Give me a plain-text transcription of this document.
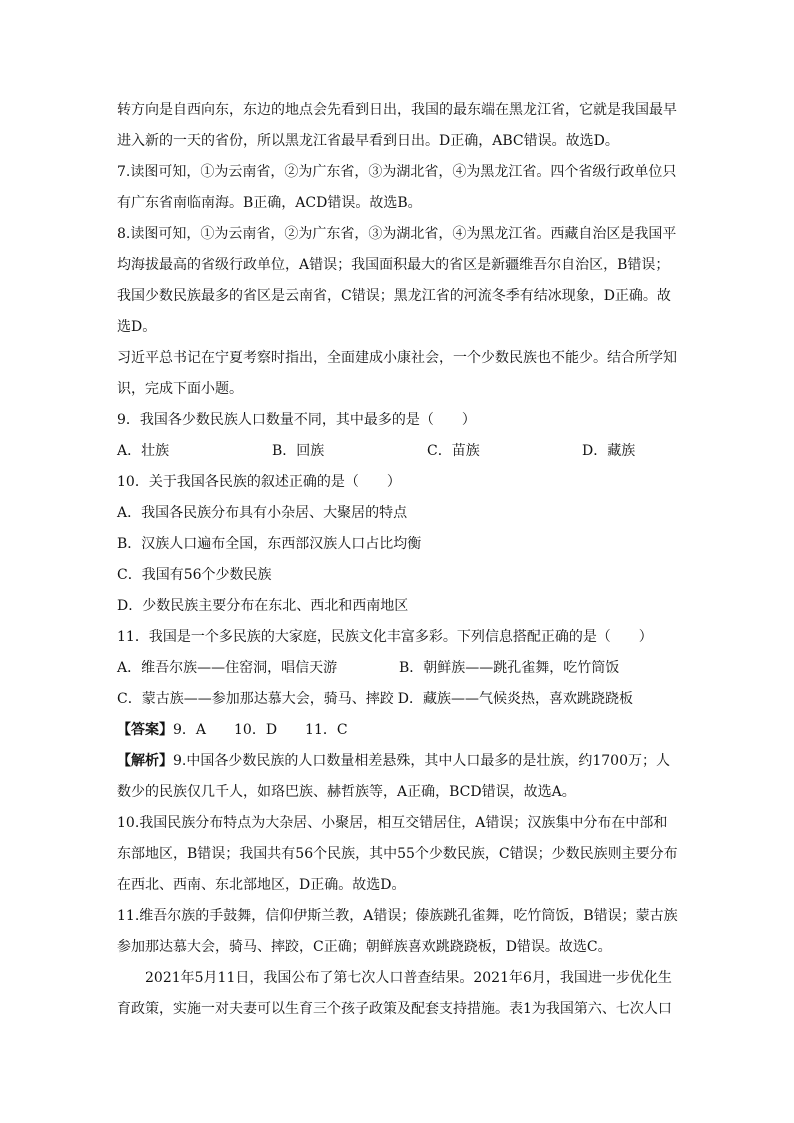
转方向是自西向东，东边的地点会先看到日出，我国的最东端在黑龙江省，它就是我国最早进入新的一天的省份，所以黑龙江省最早看到日出。D正确，ABC错误。故选D。

7.读图可知，①为云南省，②为广东省，③为湖北省，④为黑龙江省。四个省级行政单位只有广东省南临南海。B正确，ACD错误。故选B。

8.读图可知，①为云南省，②为广东省，③为湖北省，④为黑龙江省。西藏自治区是我国平均海拔最高的省级行政单位，A错误；我国面积最大的省区是新疆维吾尔自治区，B错误；我国少数民族最多的省区是云南省，C错误；黑龙江省的河流冬季有结冰现象，D正确。故选D。

习近平总书记在宁夏考察时指出，全面建成小康社会，一个少数民族也不能少。结合所学知识，完成下面小题。

9．我国各少数民族人口数量不同，其中最多的是（　　）

A．壮族	B．回族	C．苗族	D．藏族

10．关于我国各民族的叙述正确的是（　　）

A．我国各民族分布具有小杂居、大聚居的特点

B．汉族人口遍布全国，东西部汉族人口占比均衡

C．我国有56个少数民族

D．少数民族主要分布在东北、西北和西南地区

11．我国是一个多民族的大家庭，民族文化丰富多彩。下列信息搭配正确的是（　　）

A．维吾尔族——住窑洞，唱信天游	B．朝鲜族——跳孔雀舞，吃竹筒饭
C．蒙古族——参加那达慕大会，骑马、摔跤 D．藏族——气候炎热，喜欢跳跷跷板

【答案】9．A　　10．D　　11．C

【解析】9.中国各少数民族的人口数量相差悬殊，其中人口最多的是壮族，约1700万；人数少的民族仅几千人，如珞巴族、赫哲族等，A正确，BCD错误，故选A。

10.我国民族分布特点为大杂居、小聚居，相互交错居住，A错误；汉族集中分布在中部和东部地区，B错误；我国共有56个民族，其中55个少数民族，C错误；少数民族则主要分布在西北、西南、东北部地区，D正确。故选D。

11.维吾尔族的手鼓舞，信仰伊斯兰教，A错误；傣族跳孔雀舞，吃竹筒饭，B错误；蒙古族参加那达慕大会，骑马、摔跤，C正确；朝鲜族喜欢跳跷跷板，D错误。故选C。

2021年5月11日，我国公布了第七次人口普查结果。2021年6月，我国进一步优化生育政策，实施一对夫妻可以生育三个孩子政策及配套支持措施。表1为我国第六、七次人口
